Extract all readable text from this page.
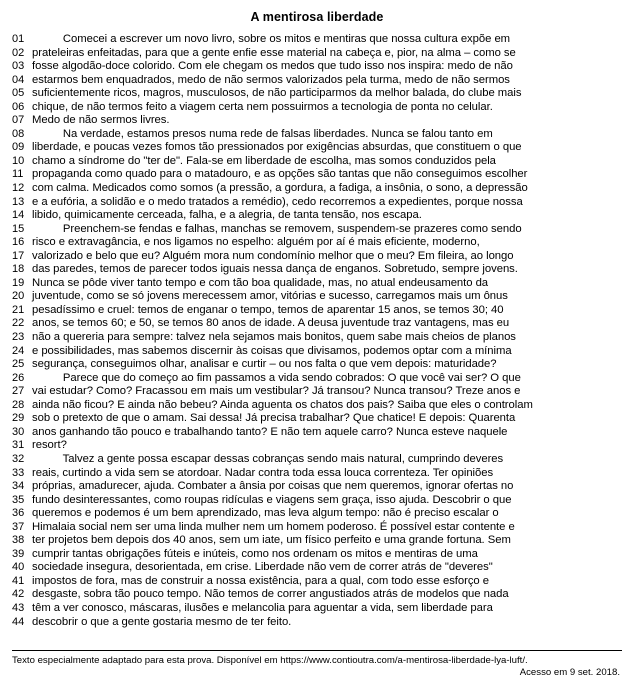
A mentirosa liberdade
01 Comecei a escrever um novo livro, sobre os mitos e mentiras que nossa cultura expõe em
02 prateleiras enfeitadas, para que a gente enfie esse material na cabeça e, pior, na alma – como se
03 fosse algodão-doce colorido. Com ele chegam os medos que tudo isso nos inspira: medo de não
04 estarmos bem enquadrados, medo de não sermos valorizados pela turma, medo de não sermos
05 suficientemente ricos, magros, musculosos, de não participarmos da melhor balada, do clube mais
06 chique, de não termos feito a viagem certa nem possuirmos a tecnologia de ponta no celular.
07 Medo de não sermos livres.
08 Na verdade, estamos presos numa rede de falsas liberdades. Nunca se falou tanto em
09 liberdade, e poucas vezes fomos tão pressionados por exigências absurdas, que constituem o que
10 chamo a síndrome do "ter de". Fala-se em liberdade de escolha, mas somos conduzidos pela
11 propaganda como quado para o matadouro, e as opções são tantas que não conseguimos escolher
12 com calma. Medicados como somos (a pressão, a gordura, a fadiga, a insônia, o sono, a depressão
13 e a eufória, a solidão e o medo tratados a remédio), cedo recorremos a expedientes, porque nossa
14 libido, quimicamente cerceada, falha, e a alegria, de tanta tensão, nos escapa.
15 Preenchem-se fendas e falhas, manchas se removem, suspendem-se prazeres como sendo
16 risco e extravagância, e nos ligamos no espelho: alguém por aí é mais eficiente, moderno,
17 valorizado e belo que eu? Alguém mora num condomínio melhor que o meu? Em fileira, ao longo
18 das paredes, temos de parecer todos iguais nessa dança de enganos. Sobretudo, sempre jovens.
19 Nunca se pôde viver tanto tempo e com tão boa qualidade, mas, no atual endeusamento da
20 juventude, como se só jovens merecessem amor, vitórias e sucesso, carregamos mais um ônus
21 pesadíssimo e cruel: temos de enganar o tempo, temos de aparentar 15 anos, se temos 30; 40
22 anos, se temos 60; e 50, se temos 80 anos de idade. A deusa juventude traz vantagens, mas eu
23 não a quereria para sempre: talvez nela sejamos mais bonitos, quem sabe mais cheios de planos
24 e possibilidades, mas sabemos discernir às coisas que divisamos, podemos optar com a mínima
25 segurança, conseguimos olhar, analisar e curtir – ou nos falta o que vem depois: maturidade?
26 Parece que do começo ao fim passamos a vida sendo cobrados: O que você vai ser? O que
27 vai estudar? Como? Fracassou em mais um vestibular? Já transou? Nunca transou? Treze anos e
28 ainda não ficou? E ainda não bebeu? Ainda aguenta os chatos dos pais? Saiba que eles o controlam
29 sob o pretexto de que o amam. Sai dessa! Já precisa trabalhar? Que chatice! E depois: Quarenta
30 anos ganhando tão pouco e trabalhando tanto? E não tem aquele carro? Nunca esteve naquele
31 resort?
32 Talvez a gente possa escapar dessas cobranças sendo mais natural, cumprindo deveres
33 reais, curtindo a vida sem se atordoar. Nadar contra toda essa louca correnteza. Ter opiniões
34 próprias, amadurecer, ajuda. Combater a ânsia por coisas que nem queremos, ignorar ofertas no
35 fundo desinteressantes, como roupas ridículas e viagens sem graça, isso ajuda. Descobrir o que
36 queremos e podemos é um bem aprendizado, mas leva algum tempo: não é preciso escalar o
37 Himalaia social nem ser uma linda mulher nem um homem poderoso. É possível estar contente e
38 ter projetos bem depois dos 40 anos, sem um iate, um físico perfeito e uma grande fortuna. Sem
39 cumprir tantas obrigações fúteis e inúteis, como nos ordenam os mitos e mentiras de uma
40 sociedade insegura, desorientada, em crise. Liberdade não vem de correr atrás de "deveres"
41 impostos de fora, mas de construir a nossa existência, para a qual, com todo esse esforço e
42 desgaste, sobra tão pouco tempo. Não temos de correr angustiados atrás de modelos que nada
43 têm a ver conosco, máscaras, ilusões e melancolia para aguentar a vida, sem liberdade para
44 descobrir o que a gente gostaria mesmo de ter feito.
Texto especialmente adaptado para esta prova. Disponível em https://www.contioutra.com/a-mentirosa-liberdade-lya-luft/.
Acesso em 9 set. 2018.
